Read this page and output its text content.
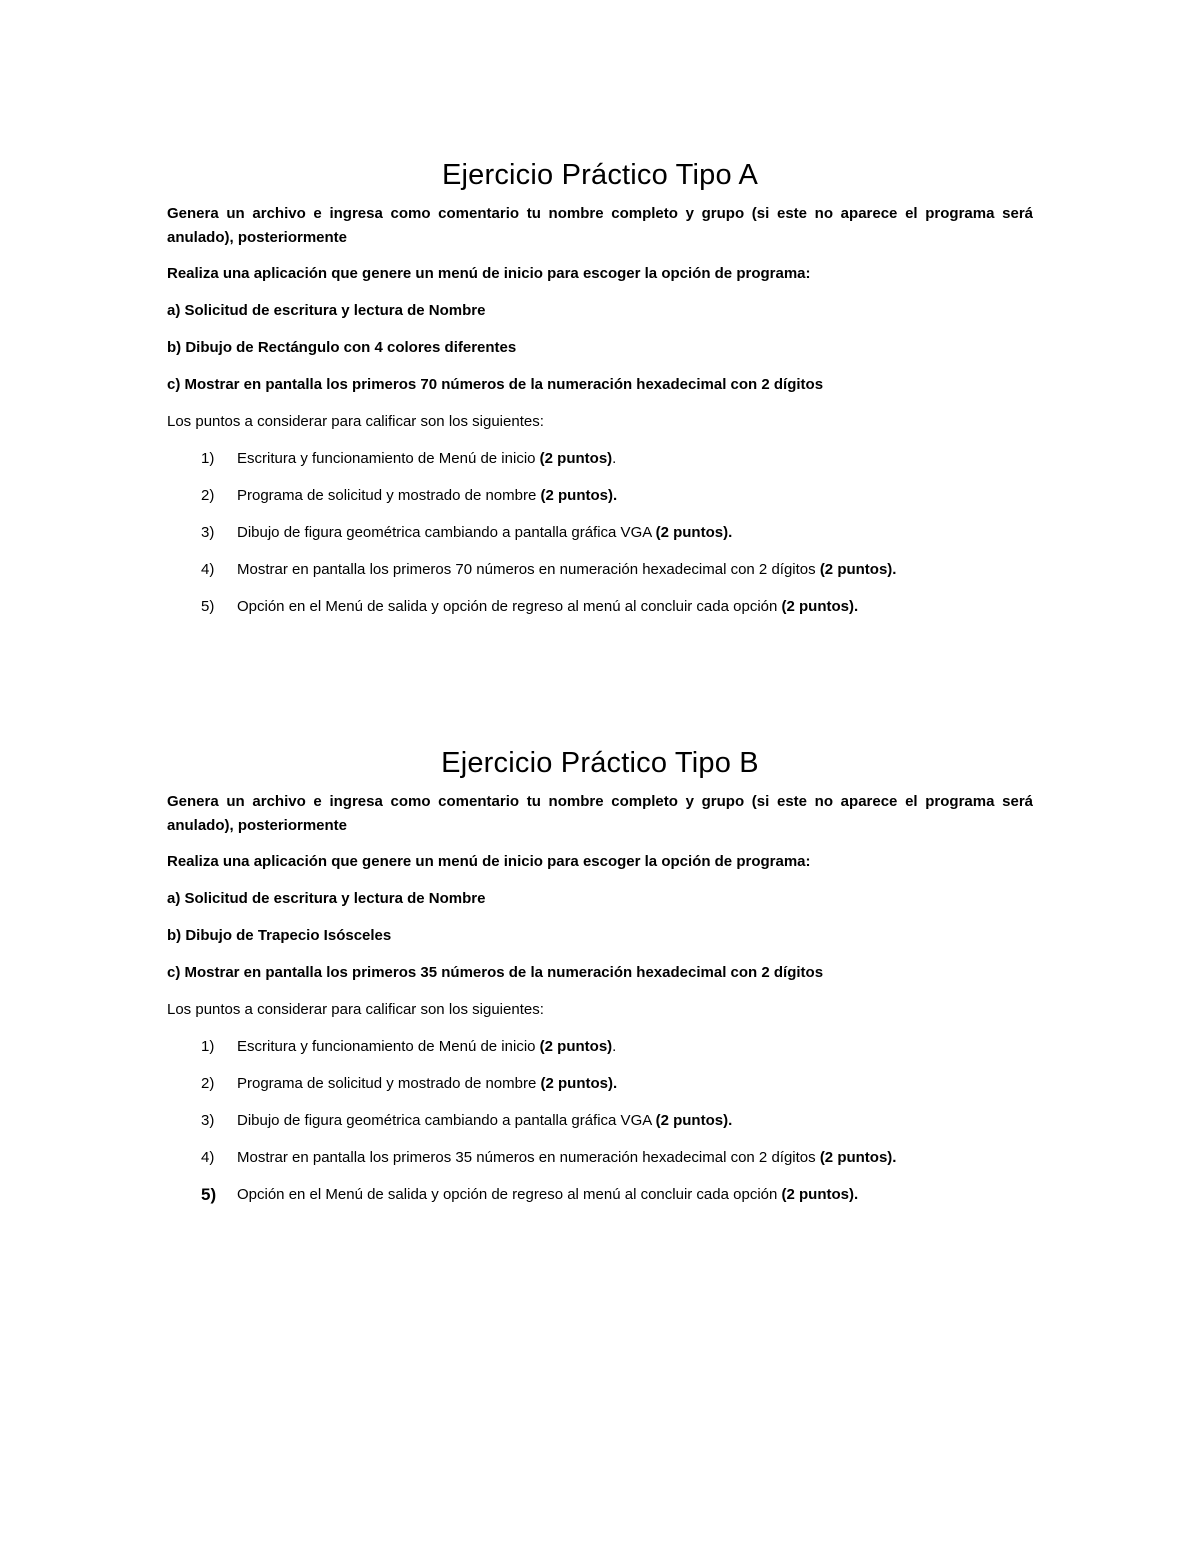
Ejercicio Práctico Tipo A

Genera un archivo e ingresa como comentario tu nombre completo y grupo (si este no aparece el programa será anulado), posteriormente

Realiza una aplicación que genere un menú de inicio para escoger la opción de programa:

a) Solicitud de escritura y lectura de Nombre

b) Dibujo de Rectángulo con 4 colores diferentes

c) Mostrar en pantalla los primeros 70 números de la numeración hexadecimal con 2 dígitos

Los puntos a considerar para calificar son los siguientes:

1) Escritura y funcionamiento de Menú de inicio (2 puntos).
2) Programa de solicitud y mostrado de nombre (2 puntos).
3) Dibujo de figura geométrica cambiando a pantalla gráfica VGA (2 puntos).
4) Mostrar en pantalla los primeros 70 números en numeración hexadecimal con 2 dígitos (2 puntos).
5) Opción en el Menú de salida y opción de regreso al menú al concluir cada opción (2 puntos).
Ejercicio Práctico Tipo B

Genera un archivo e ingresa como comentario tu nombre completo y grupo (si este no aparece el programa será anulado), posteriormente

Realiza una aplicación que genere un menú de inicio para escoger la opción de programa:

a) Solicitud de escritura y lectura de Nombre

b) Dibujo de Trapecio Isósceles

c) Mostrar en pantalla los primeros 35 números de la numeración hexadecimal con 2 dígitos

Los puntos a considerar para calificar son los siguientes:

1) Escritura y funcionamiento de Menú de inicio (2 puntos).
2) Programa de solicitud y mostrado de nombre (2 puntos).
3) Dibujo de figura geométrica cambiando a pantalla gráfica VGA (2 puntos).
4) Mostrar en pantalla los primeros 35 números en numeración hexadecimal con 2 dígitos (2 puntos).
5) Opción en el Menú de salida y opción de regreso al menú al concluir cada opción (2 puntos).
